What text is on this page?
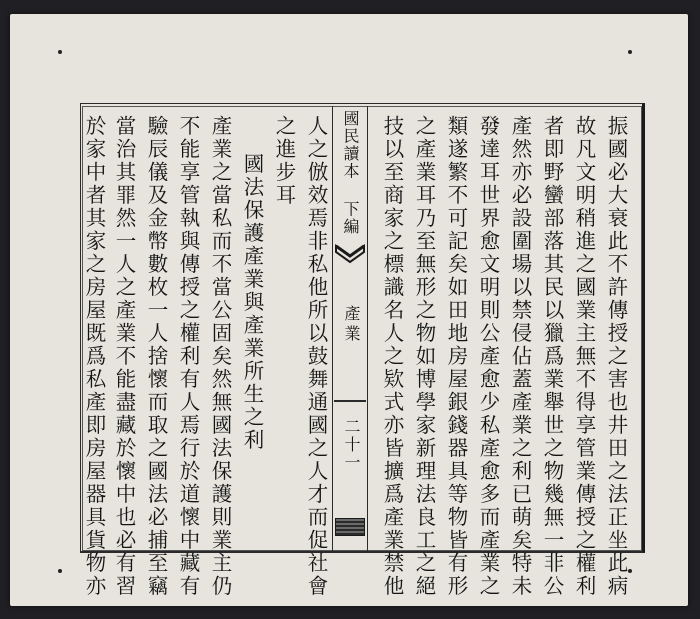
振國必大衰此不許傳授之害也井田之法正坐此病
故凡文明稍進之國業主無不得享管業傳授之權利
者即野蠻部落其民以獵爲業舉世之物幾無一非公
產然亦必設圍場以禁侵佔蓋產業之利已萌矣特未
發達耳世界愈文明則公產愈少私產愈多而產業之
類遂繁不可記矣如田地房屋銀錢器具等物皆有形
之產業耳乃至無形之物如博學家新理法良工之絕
技以至商家之標識名人之欵式亦皆擴爲產業禁他
國民讀本 下編
產業
二十一
人之倣效焉非私他所以鼓舞通國之人才而促社會
之進步耳
國法保護產業與產業所生之利
產業之當私而不當公固矣然無國法保護則業主仍
不能享管執與傳授之權利有人焉行於道懷中藏有
驗辰儀及金幣數枚一人捨懷而取之國法必捕至竊
當治其罪然一人之產業不能盡藏於懷中也必有習
於家中者其家之房屋既爲私產即房屋器具貨物亦
